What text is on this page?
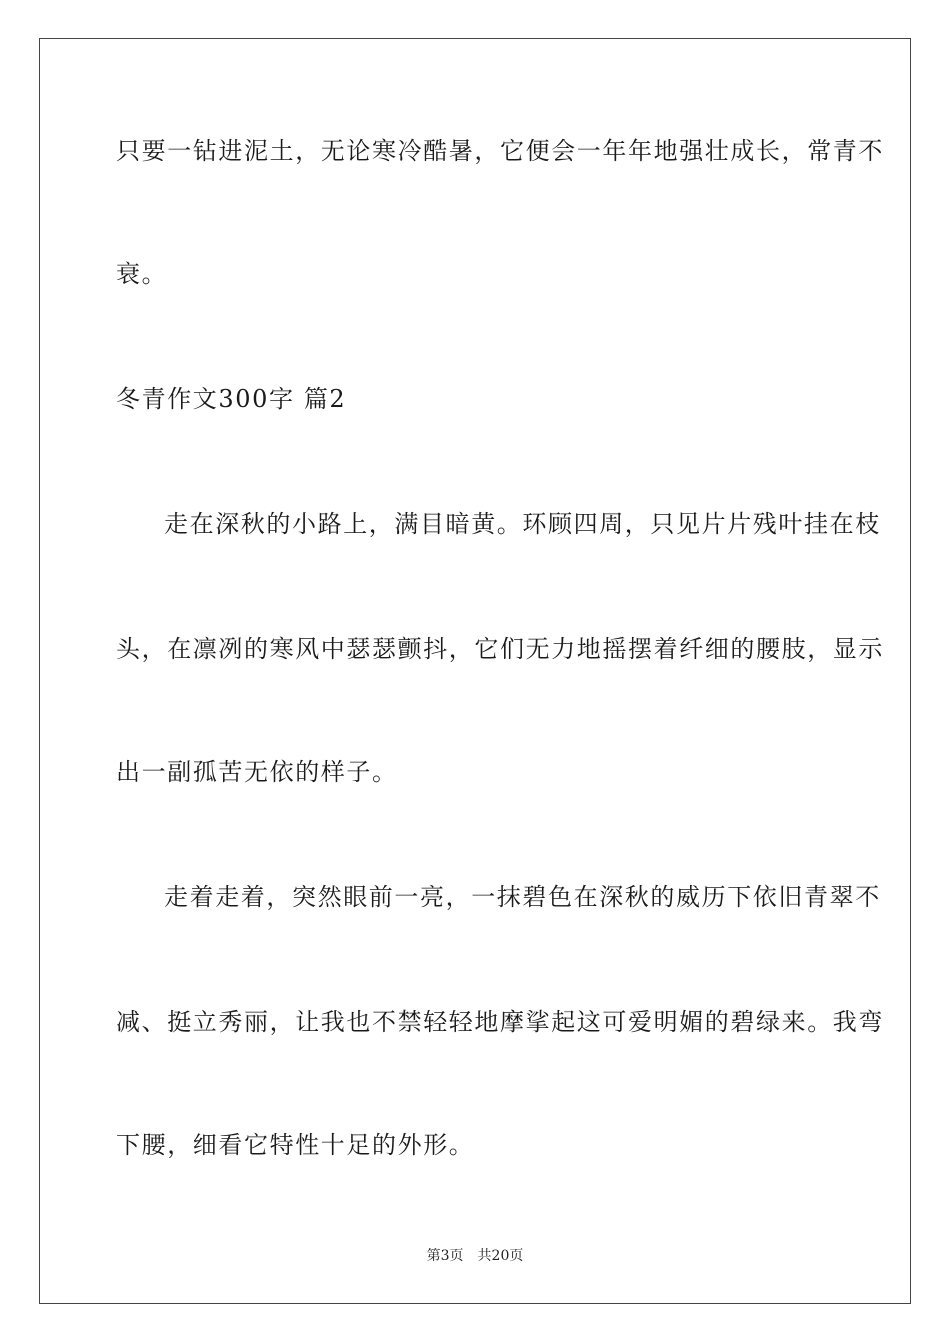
只要一钻进泥土，无论寒冷酷暑，它便会一年年地强壮成长，常青不
衰。
冬青作文300字 篇2
走在深秋的小路上，满目暗黄。环顾四周，只见片片残叶挂在枝
头，在凛冽的寒风中瑟瑟颤抖，它们无力地摇摆着纤细的腰肢，显示
出一副孤苦无依的样子。
走着走着，突然眼前一亮，一抹碧色在深秋的威历下依旧青翠不
减、挺立秀丽，让我也不禁轻轻地摩挲起这可爱明媚的碧绿来。我弯
下腰，细看它特性十足的外形。
第3页 共20页
